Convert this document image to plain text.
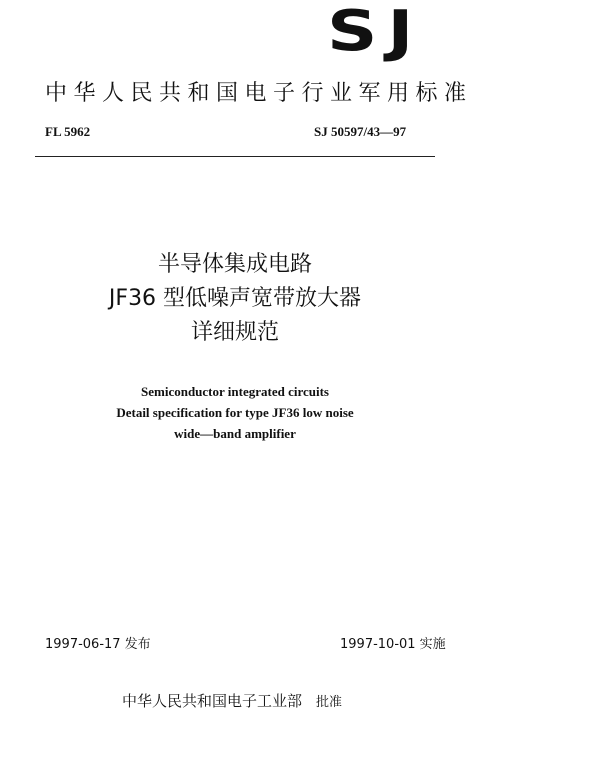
SJ
中华人民共和国电子行业军用标准
FL 5962	SJ 50597/43—97
半导体集成电路
JF36 型低噪声宽带放大器
详细规范
Semiconductor integrated circuits
Detail specification for type JF36 low noise
wide—band amplifier
1997-06-17 发布	1997-10-01 实施
中华人民共和国电子工业部 批准
